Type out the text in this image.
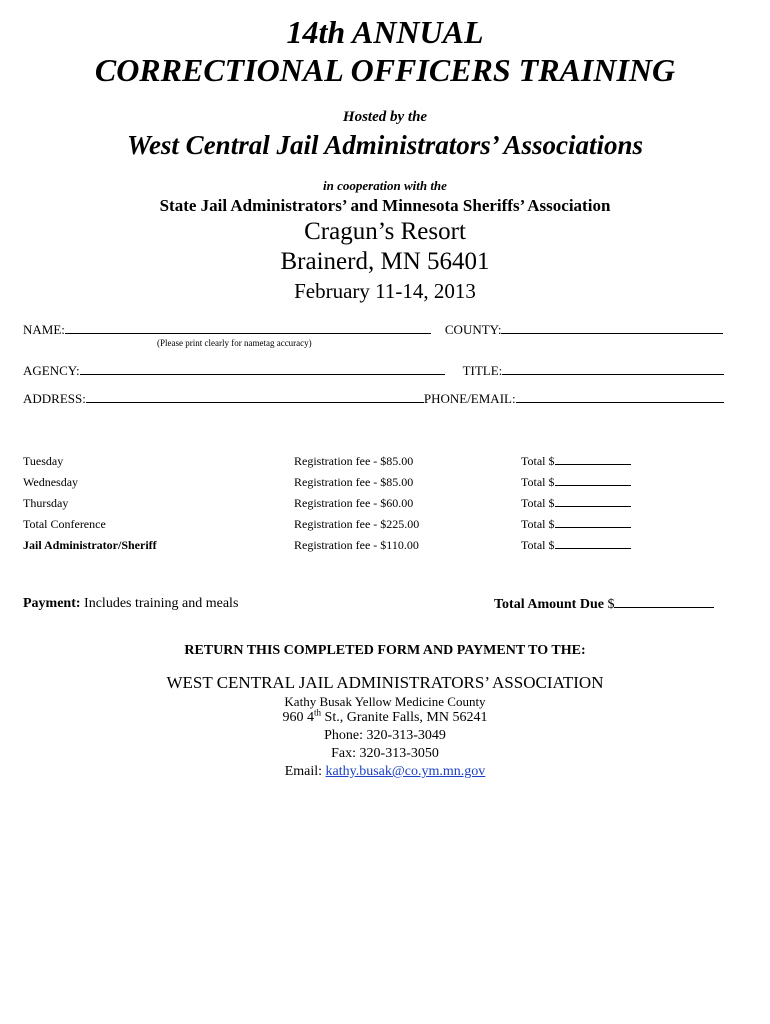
14th ANNUAL
CORRECTIONAL OFFICERS TRAINING
Hosted by the
West Central Jail Administrators’ Associations
in cooperation with the
State Jail Administrators’ and Minnesota Sheriffs’ Association
Cragun’s Resort
Brainerd, MN 56401
February 11-14, 2013
NAME:	COUNTY:
(Please print clearly for nametag accuracy)
AGENCY:	TITLE:
ADDRESS:	PHONE/EMAIL:
Tuesday	Registration fee - $85.00	Total $
Wednesday	Registration fee - $85.00	Total $
Thursday	Registration fee - $60.00	Total $
Total Conference	Registration fee - $225.00	Total $
Jail Administrator/Sheriff	Registration fee - $110.00	Total $
Payment: Includes training and meals	Total Amount Due $
RETURN THIS COMPLETED FORM AND PAYMENT TO THE:
WEST CENTRAL JAIL ADMINISTRATORS’ ASSOCIATION
Kathy Busak Yellow Medicine County
960 4th St., Granite Falls, MN 56241
Phone: 320-313-3049
Fax: 320-313-3050
Email: kathy.busak@co.ym.mn.gov
